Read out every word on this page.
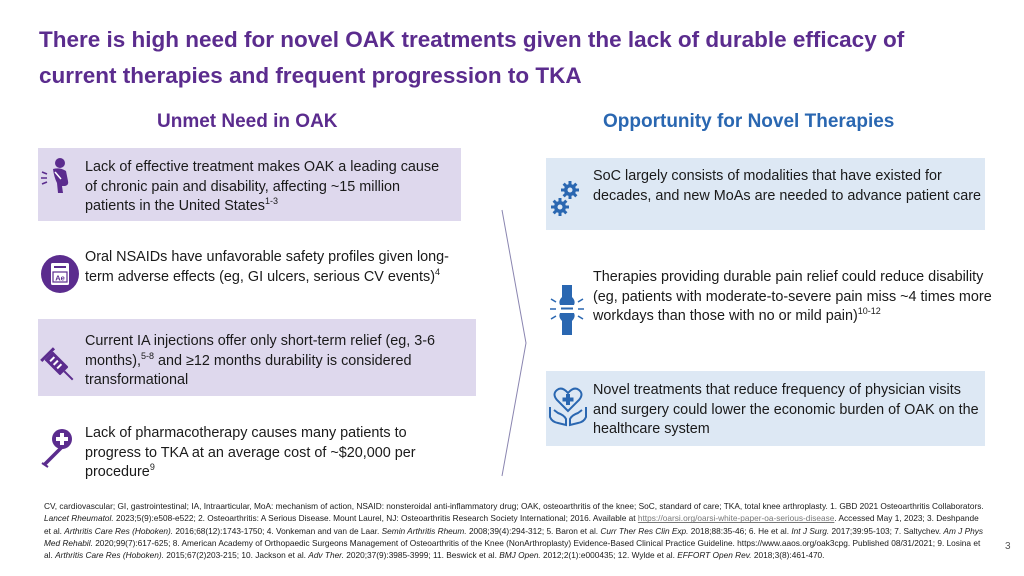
There is high need for novel OAK treatments given the lack of durable efficacy of current therapies and frequent progression to TKA
Unmet Need in OAK	Opportunity for Novel Therapies
Lack of effective treatment makes OAK a leading cause of chronic pain and disability, affecting ~15 million patients in the United States$^{1-3}$
Ae
Oral NSAIDs have unfavorable safety profiles given long-term adverse effects (eg, GI ulcers, serious CV events)$^4$
Current IA injections offer only short-term relief (eg, 3-6 months),$^{5-8}$ and ≥12 months durability is considered transformational
Lack of pharmacotherapy causes many patients to progress to TKA at an average cost of ~$20,000 per procedure$^9$
SoC largely consists of modalities that have existed for decades, and new MoAs are needed to advance patient care
Therapies providing durable pain relief could reduce disability (eg, patients with moderate-to-severe pain miss ~4 times more workdays than those with no or mild pain)$^{10-12}$
Novel treatments that reduce frequency of physician visits and surgery could lower the economic burden of OAK on the healthcare system
CV, cardiovascular; GI, gastrointestinal; IA, Intraarticular, MoA: mechanism of action, NSAID: nonsteroidal anti-inflammatory drug; OAK, osteoarthritis of the knee; SoC, standard of care; TKA, total knee arthroplasty. 1. GBD 2021 Osteoarthritis Collaborators. Lancet Rheumatol. 2023;5(9):e508-e522; 2. Osteoarthritis: A Serious Disease. Mount Laurel, NJ: Osteoarthritis Research Society International; 2016. Available at https://oarsi.org/oarsi-white-paper-oa-serious-disease. Accessed May 1, 2023; 3. Deshpande et al. Arthritis Care Res (Hoboken). 2016;68(12):1743-1750; 4. Vonkeman and van de Laar. Semin Arthritis Rheum. 2008;39(4):294-312; 5. Baron et al. Curr Ther Res Clin Exp. 2018;88:35-46; 6. He et al. Int J Surg. 2017;39:95-103; 7. Saltychev. Am J Phys Med Rehabil. 2020;99(7):617-625; 8. American Academy of Orthopaedic Surgeons Management of Osteoarthritis of the Knee (NonArthroplasty) Evidence-Based Clinical Practice Guideline. https://www.aaos.org/oak3cpg. Published 08/31/2021; 9. Losina et al. Arthritis Care Res (Hoboken). 2015;67(2)203-215; 10. Jackson et al. Adv Ther. 2020;37(9):3985-3999; 11. Beswick et al. BMJ Open. 2012;2(1):e000435; 12. Wylde et al. EFFORT Open Rev. 2018;3(8):461-470.
3
